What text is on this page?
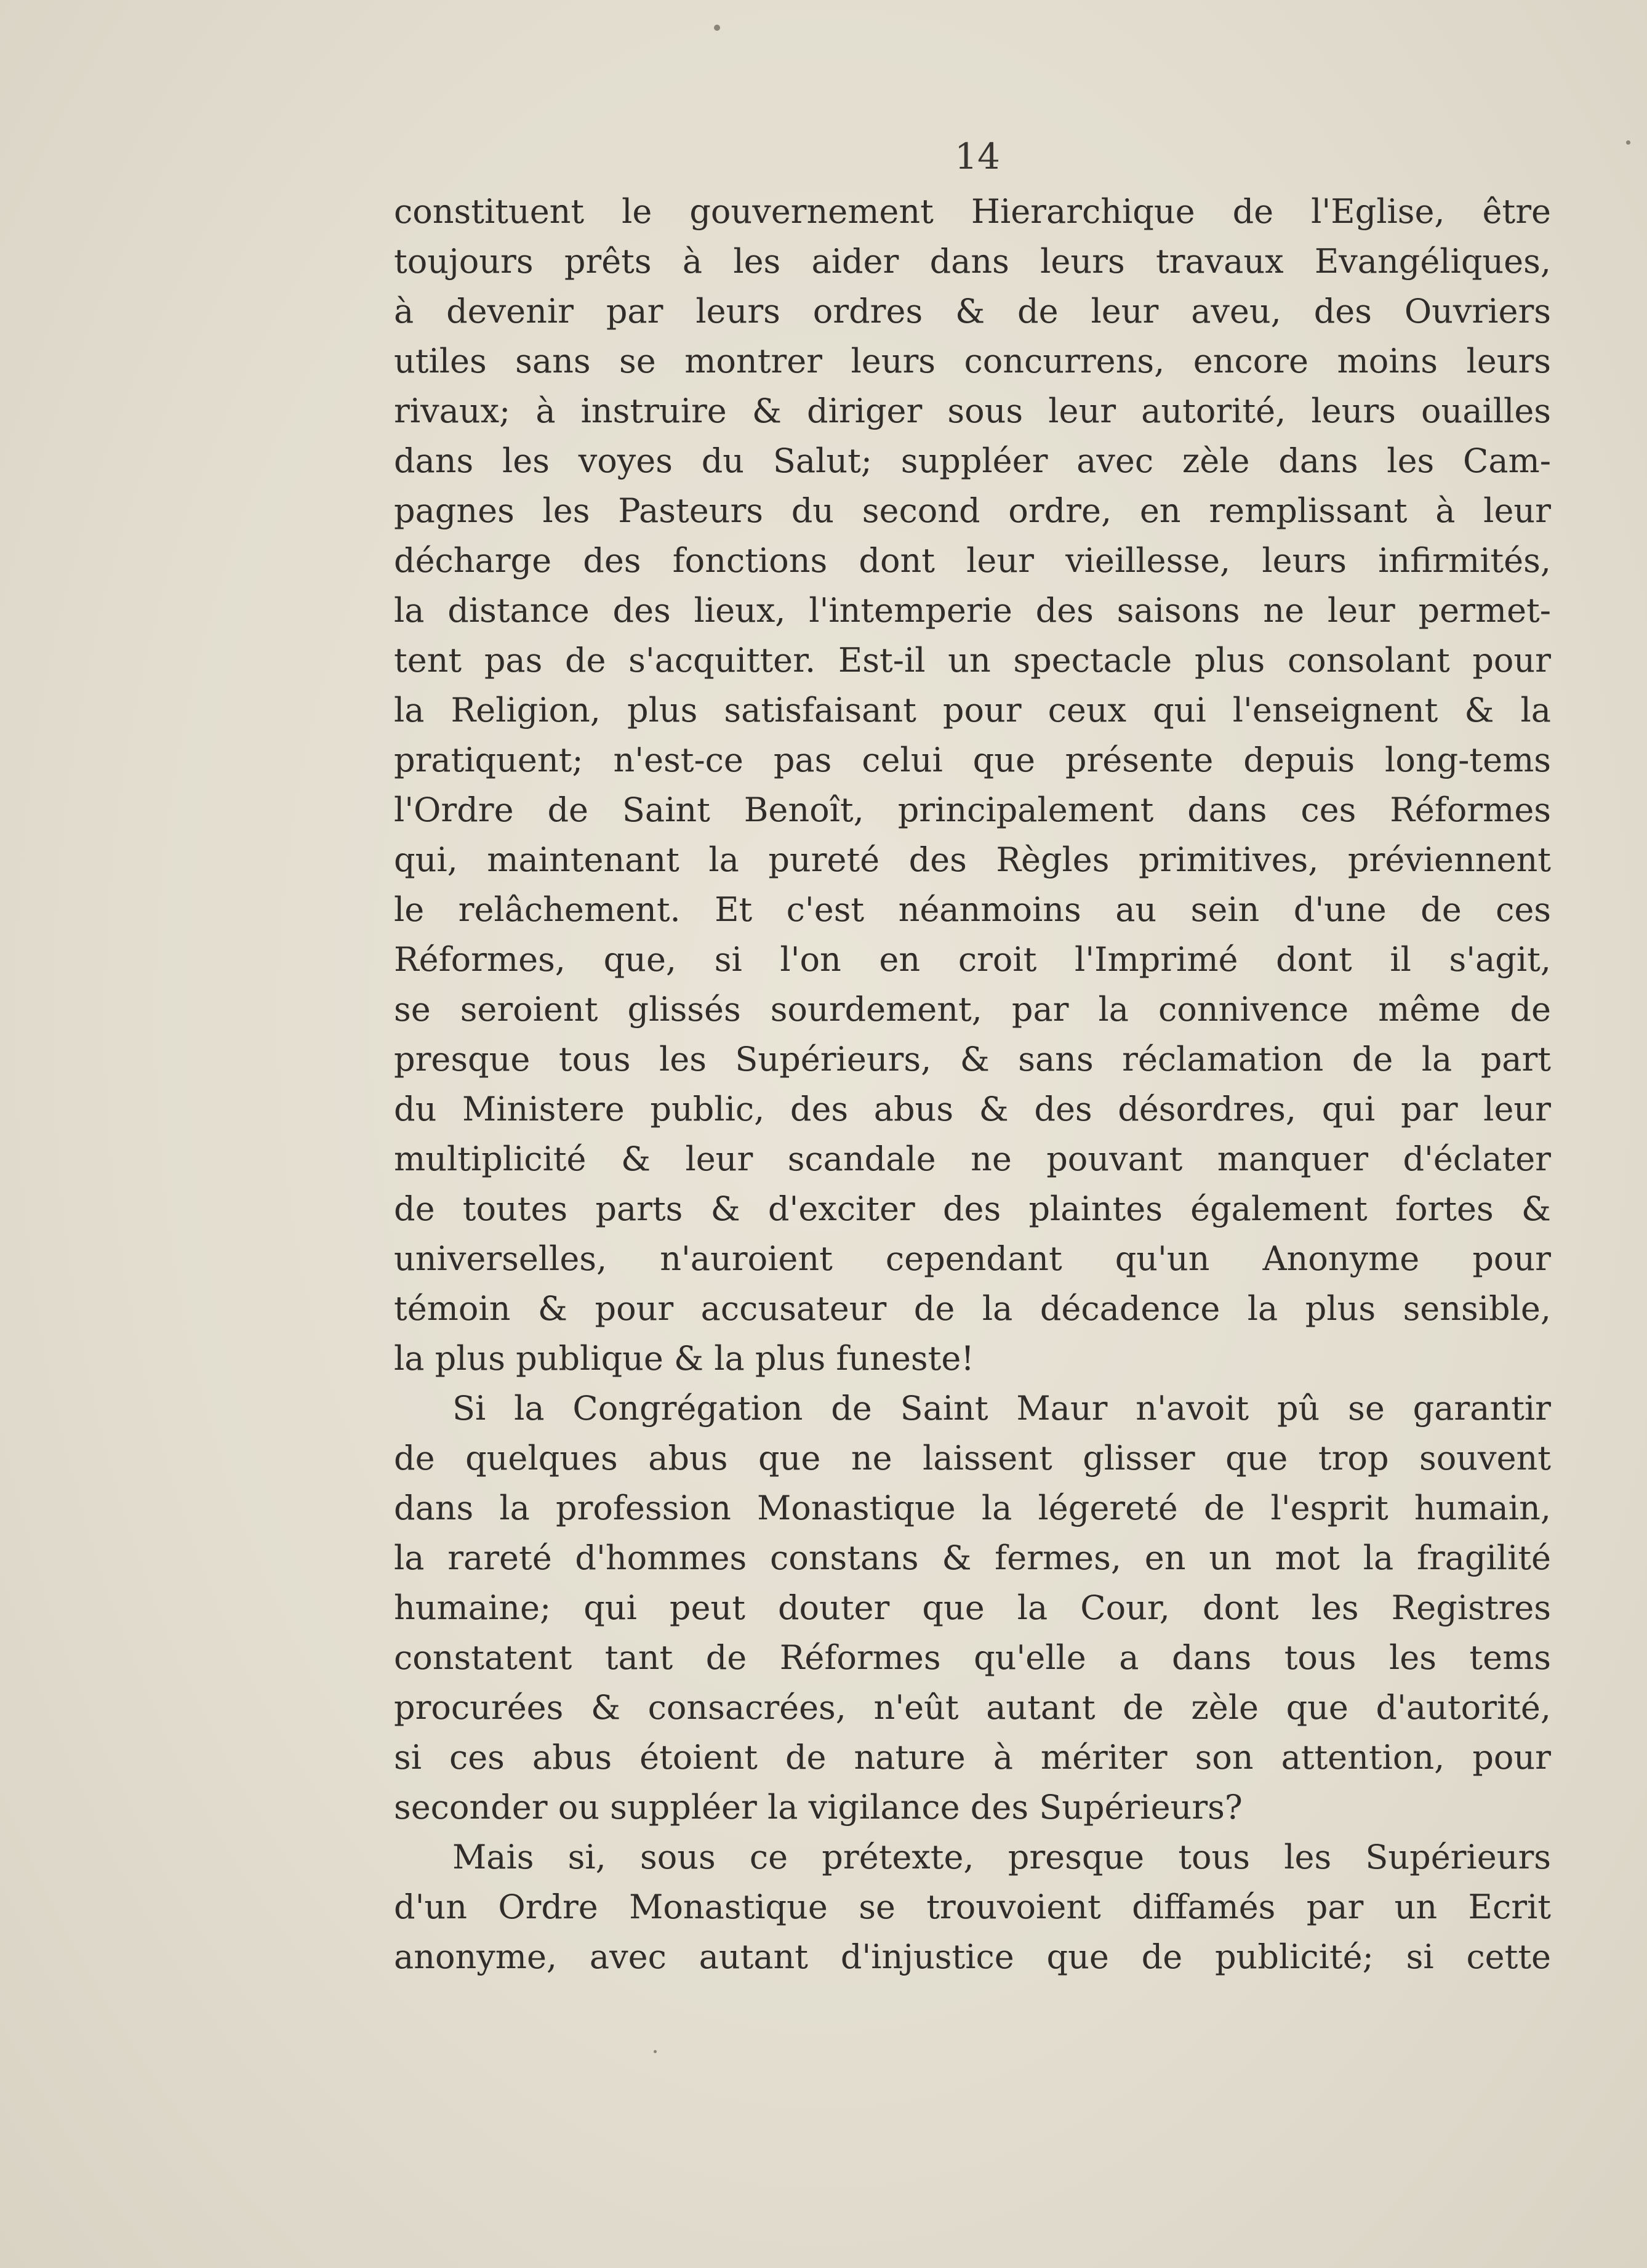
14
constituent le gouvernement Hierarchique de l'Eglise, être
toujours prêts à les aider dans leurs travaux Evangéliques,
à devenir par leurs ordres & de leur aveu, des Ouvriers
utiles sans se montrer leurs concurrens, encore moins leurs
rivaux; à instruire & diriger sous leur autorité, leurs ouailles
dans les voyes du Salut; suppléer avec zèle dans les Cam-
pagnes les Pasteurs du second ordre, en remplissant à leur
décharge des fonctions dont leur vieillesse, leurs infirmités,
la distance des lieux, l'intemperie des saisons ne leur permet-
tent pas de s'acquitter. Est-il un spectacle plus consolant pour
la Religion, plus satisfaisant pour ceux qui l'enseignent & la
pratiquent; n'est-ce pas celui que présente depuis long-tems
l'Ordre de Saint Benoît, principalement dans ces Réformes
qui, maintenant la pureté des Règles primitives, préviennent
le relâchement. Et c'est néanmoins au sein d'une de ces
Réformes, que, si l'on en croit l'Imprimé dont il s'agit,
se seroient glissés sourdement, par la connivence même de
presque tous les Supérieurs, & sans réclamation de la part
du Ministere public, des abus & des désordres, qui par leur
multiplicité & leur scandale ne pouvant manquer d'éclater
de toutes parts & d'exciter des plaintes également fortes &
universelles, n'auroient cependant qu'un Anonyme pour
témoin & pour accusateur de la décadence la plus sensible,
la plus publique & la plus funeste!
Si la Congrégation de Saint Maur n'avoit pû se garantir
de quelques abus que ne laissent glisser que trop souvent
dans la profession Monastique la légereté de l'esprit humain,
la rareté d'hommes constans & fermes, en un mot la fragilité
humaine; qui peut douter que la Cour, dont les Registres
constatent tant de Réformes qu'elle a dans tous les tems
procurées & consacrées, n'eût autant de zèle que d'autorité,
si ces abus étoient de nature à mériter son attention, pour
seconder ou suppléer la vigilance des Supérieurs?
Mais si, sous ce prétexte, presque tous les Supérieurs
d'un Ordre Monastique se trouvoient diffamés par un Ecrit
anonyme, avec autant d'injustice que de publicité; si cette
